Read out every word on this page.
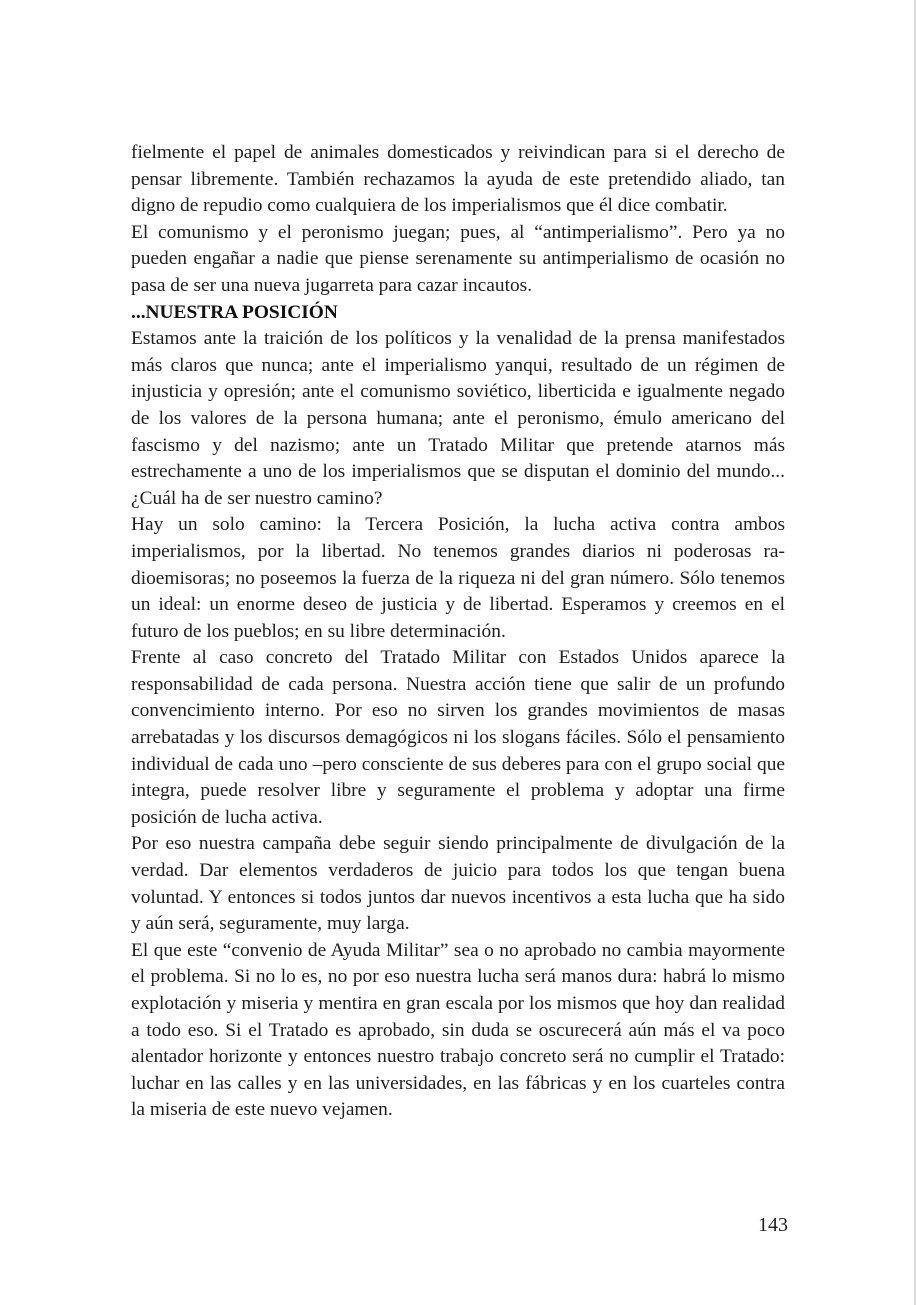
fielmente el papel de animales domesticados y reivindican para si el derecho de pensar libremente. También rechazamos la ayuda de este pretendido aliado, tan digno de repudio como cualquiera de los imperialismos que él dice combatir.

El comunismo y el peronismo juegan; pues, al “antimperialismo”. Pero ya no pueden engañar a nadie que piense serenamente su antimperialismo de ocasión no pasa de ser una nueva jugarreta para cazar incautos.

...NUESTRA POSICIÓN

Estamos ante la traición de los políticos y la venalidad de la prensa manifestados más claros que nunca; ante el imperialismo yanqui, resultado de un régimen de injusticia y opresión; ante el comunismo soviético, liberticida e igualmente negado de los valores de la persona humana; ante el peronismo, émulo americano del fascismo y del nazismo; ante un Tratado Militar que pretende atarnos más estrechamente a uno de los imperialismos que se disputan el dominio del mundo... ¿Cuál ha de ser nuestro camino?

Hay un solo camino: la Tercera Posición, la lucha activa contra ambos imperialismos, por la libertad. No tenemos grandes diarios ni poderosas radioemisoras; no poseemos la fuerza de la riqueza ni del gran número. Sólo tenemos un ideal: un enorme deseo de justicia y de libertad. Esperamos y creemos en el futuro de los pueblos; en su libre determinación.

Frente al caso concreto del Tratado Militar con Estados Unidos aparece la responsabilidad de cada persona. Nuestra acción tiene que salir de un profundo convencimiento interno. Por eso no sirven los grandes movimientos de masas arrebatadas y los discursos demagógicos ni los slogans fáciles. Sólo el pensamiento individual de cada uno –pero consciente de sus deberes para con el grupo social que integra, puede resolver libre y seguramente el problema y adoptar una firme posición de lucha activa.

Por eso nuestra campaña debe seguir siendo principalmente de divulgación de la verdad. Dar elementos verdaderos de juicio para todos los que tengan buena voluntad. Y entonces si todos juntos dar nuevos incentivos a esta lucha que ha sido y aún será, seguramente, muy larga.

El que este “convenio de Ayuda Militar” sea o no aprobado no cambia mayormente el problema. Si no lo es, no por eso nuestra lucha será manos dura: habrá lo mismo explotación y miseria y mentira en gran escala por los mismos que hoy dan realidad a todo eso. Si el Tratado es aprobado, sin duda se oscurecerá aún más el va poco alentador horizonte y entonces nuestro trabajo concreto será no cumplir el Tratado: luchar en las calles y en las universidades, en las fábricas y en los cuarteles contra la miseria de este nuevo vejamen.

143
